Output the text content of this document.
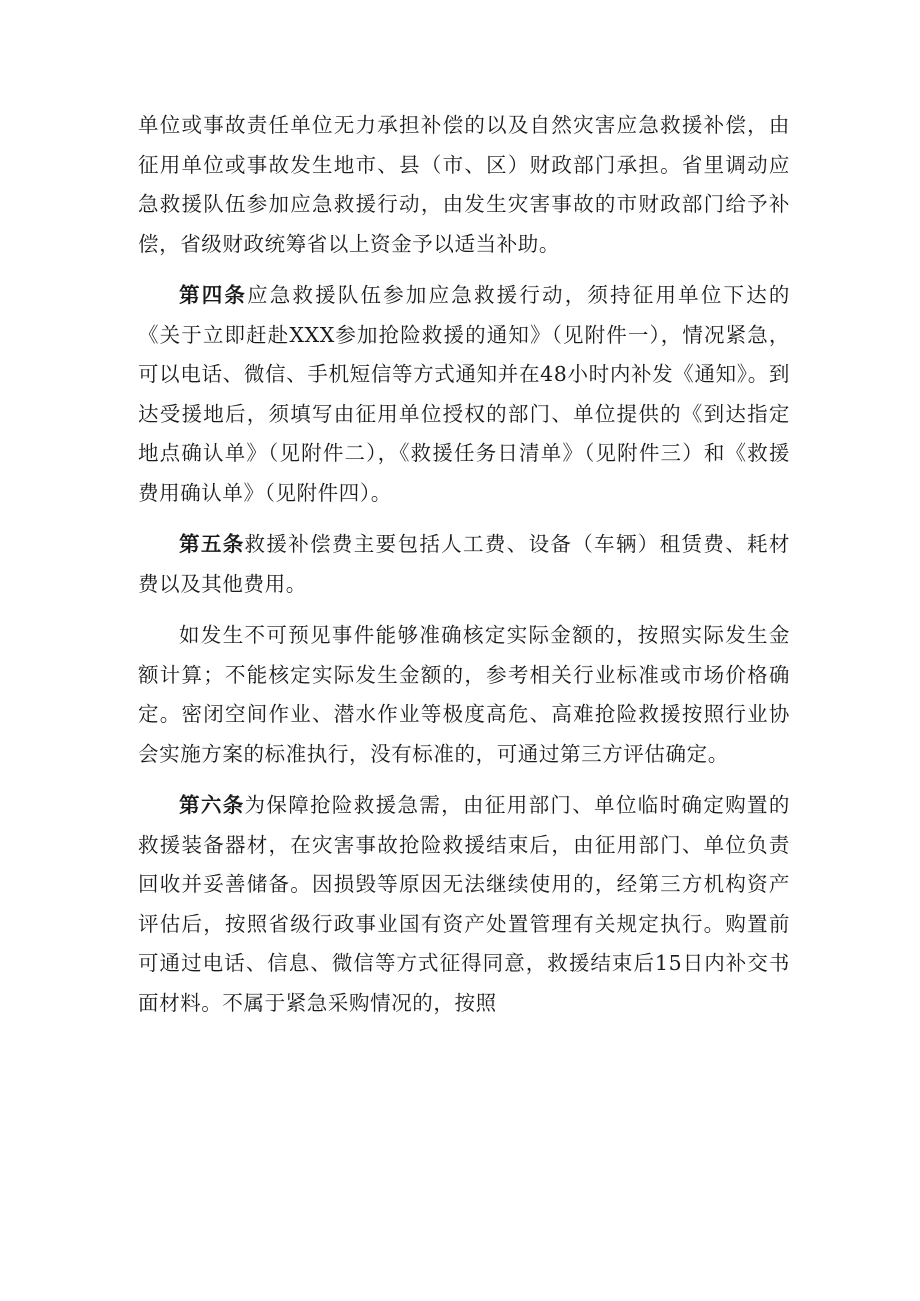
单位或事故责任单位无力承担补偿的以及自然灾害应急救援补偿，由征用单位或事故发生地市、县（市、区）财政部门承担。省里调动应急救援队伍参加应急救援行动，由发生灾害事故的市财政部门给予补偿，省级财政统筹省以上资金予以适当补助。

第四条应急救援队伍参加应急救援行动，须持征用单位下达的《关于立即赶赴XXX参加抢险救援的通知》（见附件一），情况紧急，可以电话、微信、手机短信等方式通知并在48小时内补发《通知》。到达受援地后，须填写由征用单位授权的部门、单位提供的《到达指定地点确认单》（见附件二），《救援任务日清单》（见附件三）和《救援费用确认单》（见附件四）。

第五条救援补偿费主要包括人工费、设备（车辆）租赁费、耗材费以及其他费用。

如发生不可预见事件能够准确核定实际金额的，按照实际发生金额计算；不能核定实际发生金额的，参考相关行业标准或市场价格确定。密闭空间作业、潜水作业等极度高危、高难抢险救援按照行业协会实施方案的标准执行，没有标准的，可通过第三方评估确定。

第六条为保障抢险救援急需，由征用部门、单位临时确定购置的救援装备器材，在灾害事故抢险救援结束后，由征用部门、单位负责回收并妥善储备。因损毁等原因无法继续使用的，经第三方机构资产评估后，按照省级行政事业国有资产处置管理有关规定执行。购置前可通过电话、信息、微信等方式征得同意，救援结束后15日内补交书面材料。不属于紧急采购情况的，按照
